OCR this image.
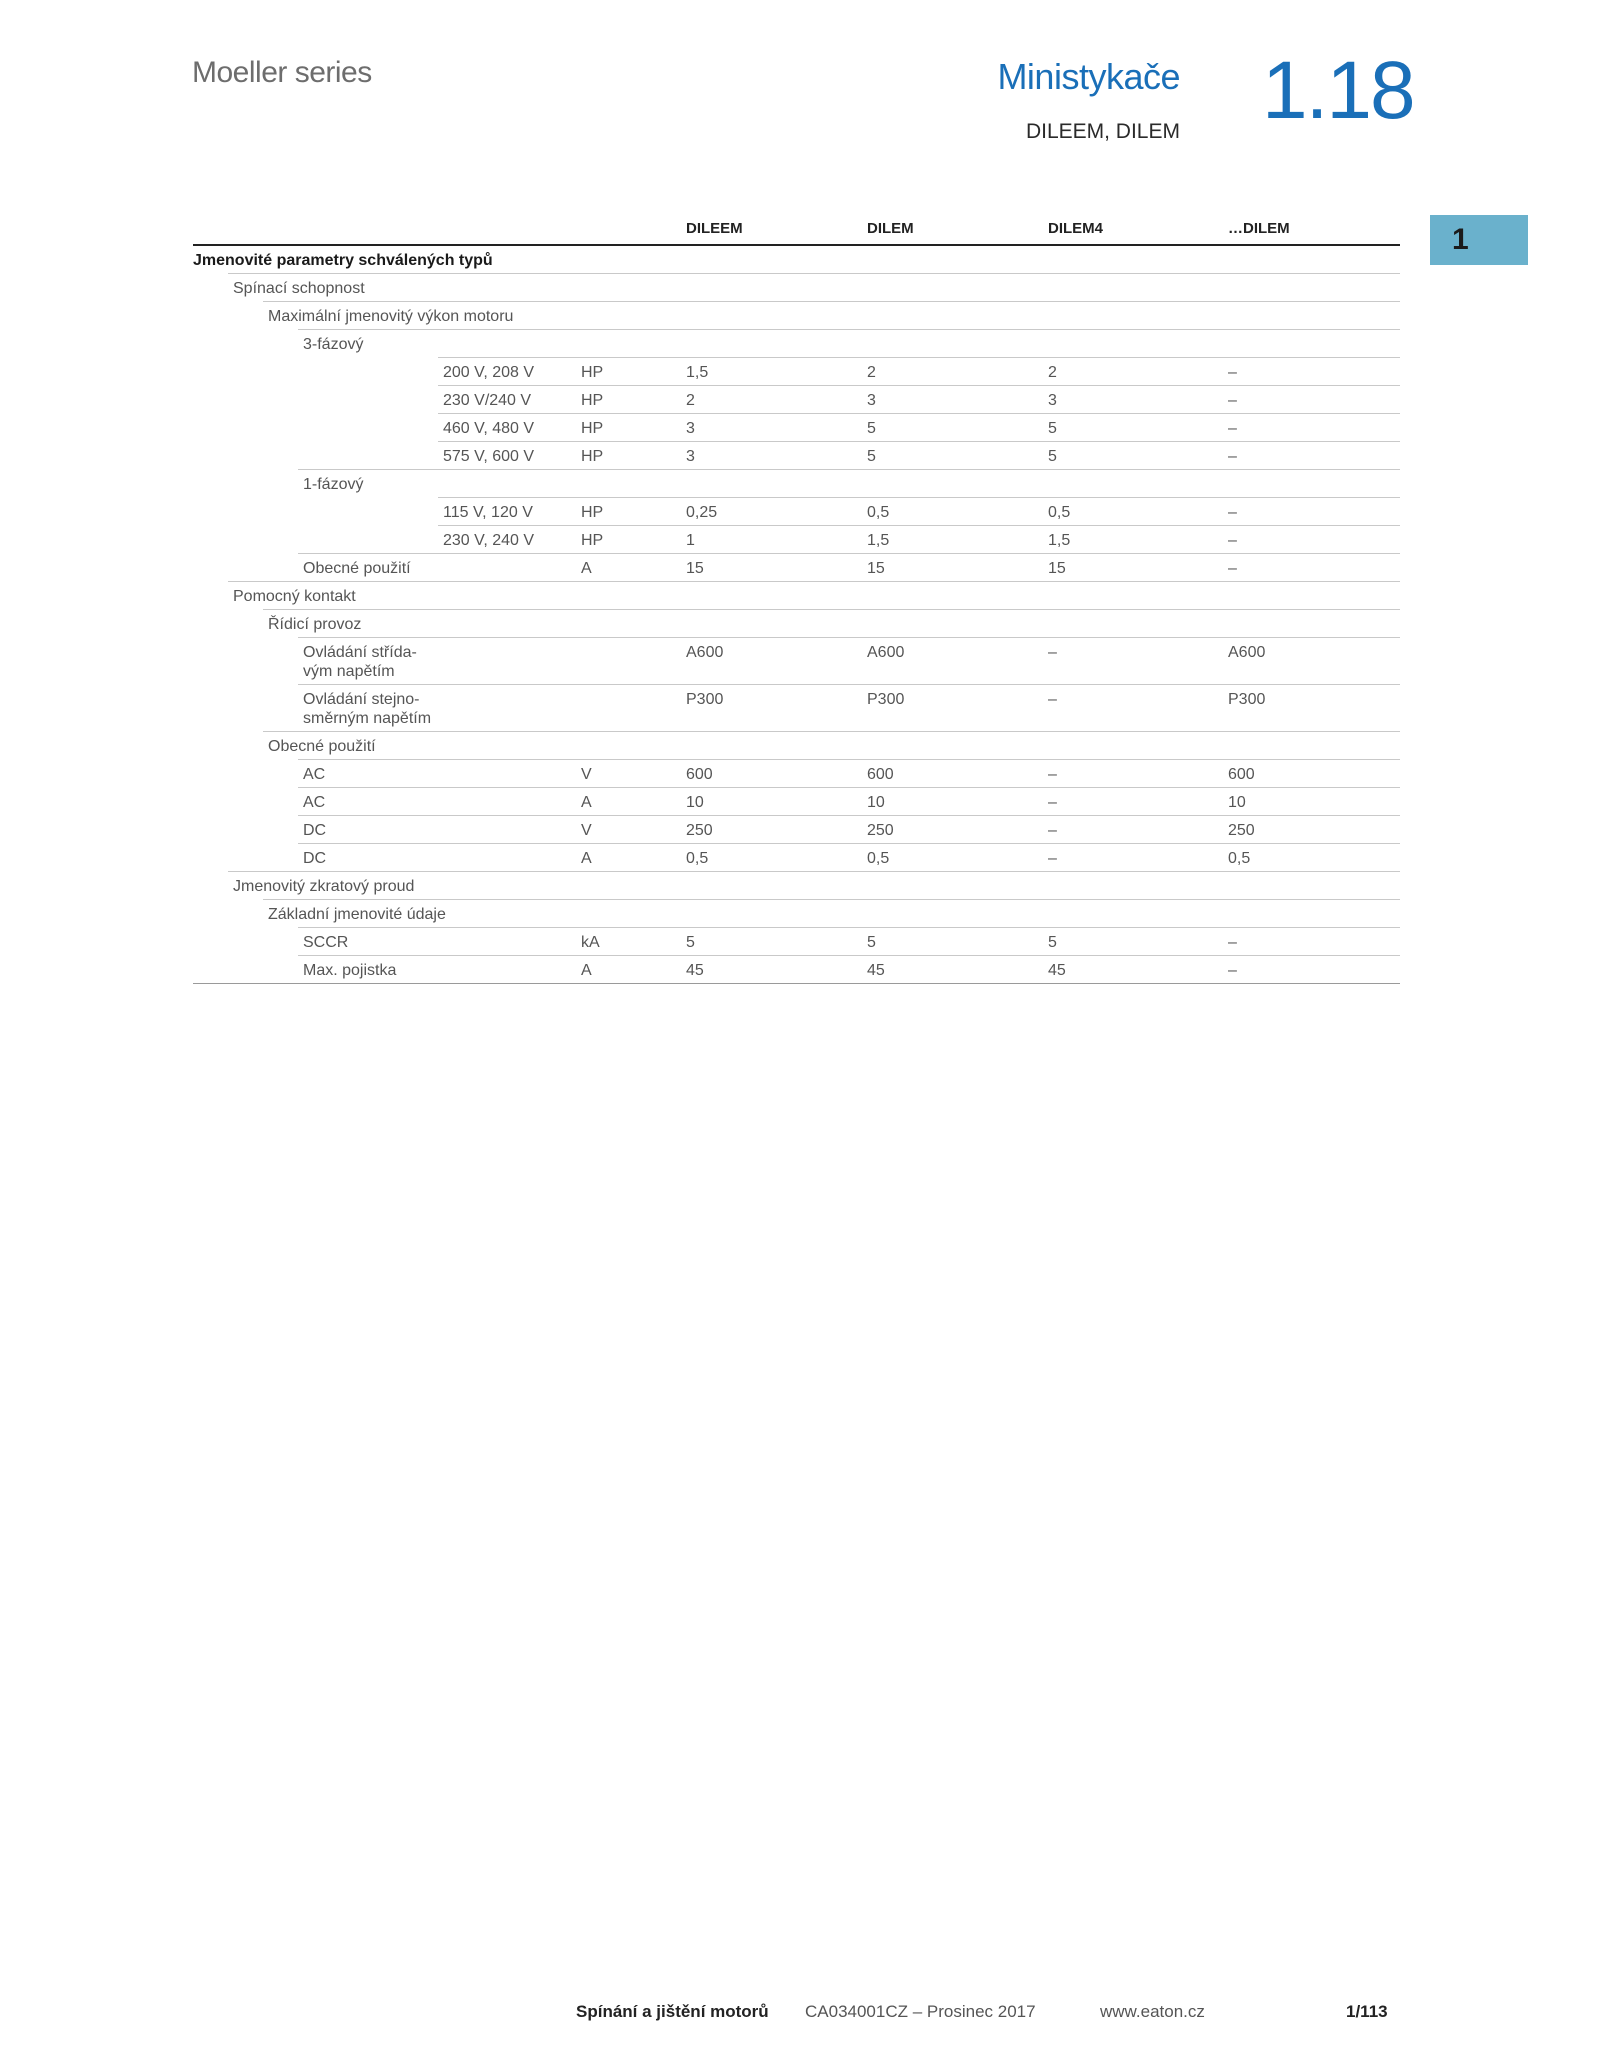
Moeller series	Ministykače
DILEEM, DILEM 1.18
1
DILEEM	DILEM	DILEM4	…DILEM
Jmenovité parametry schválených typů
Spínací schopnost
Maximální jmenovitý výkon motoru
3-fázový
200 V, 208 V	HP	1,5	2	2	–
230 V/240 V	HP	2	3	3	–
460 V, 480 V	HP	3	5	5	–
575 V, 600 V	HP	3	5	5	–
1-fázový
115 V, 120 V	HP	0,25	0,5	0,5	–
230 V, 240 V	HP	1	1,5	1,5	–
Obecné použití	A	15	15	15	–
Pomocný kontakt
Řídicí provoz
Ovládání střída-
vým napětím
A600	A600	–	A600
Ovládání stejno-
směrným napětím
P300	P300	–	P300
Obecné použití
AC	V	600	600	–	600
AC	A	10	10	–	10
DC	V	250	250	–	250
DC	A	0,5	0,5	–	0,5
Jmenovitý zkratový proud
Základní jmenovité údaje
SCCR	kA	5	5	5	–
Max. pojistka	A	45	45	45	–
Spínání a jištění motorů CA034001CZ – Prosinec 2017	www.eaton.cz	1/113
